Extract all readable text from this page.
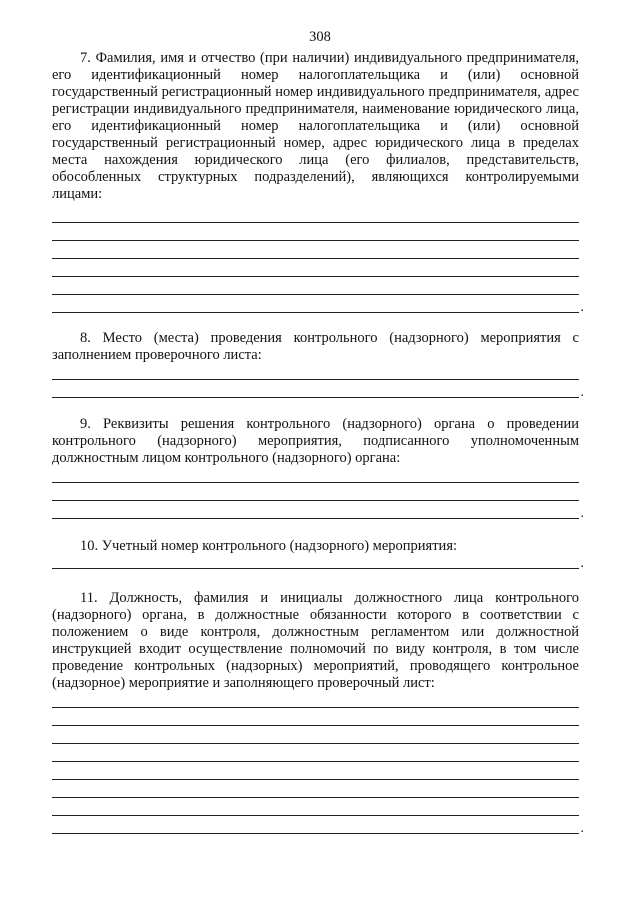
308

7. Фамилия, имя и отчество (при наличии) индивидуального предпринимателя, его идентификационный номер налогоплательщика и (или) основной государственный регистрационный номер индивидуального предпринимателя, адрес регистрации индивидуального предпринимателя, наименование юридического лица, его идентификационный номер налогоплательщика и (или) основной государственный регистрационный номер, адрес юридического лица в пределах места нахождения юридического лица (его филиалов, представительств, обособленных структурных подразделений), являющихся контролируемыми лицами:

.

8. Место (места) проведения контрольного (надзорного) мероприятия с заполнением проверочного листа:

.

9. Реквизиты решения контрольного (надзорного) органа о проведении контрольного (надзорного) мероприятия, подписанного уполномоченным должностным лицом контрольного (надзорного) органа:

.

10. Учетный номер контрольного (надзорного) мероприятия:

.

11. Должность, фамилия и инициалы должностного лица контрольного (надзорного) органа, в должностные обязанности которого в соответствии с положением о виде контроля, должностным регламентом или должностной инструкцией входит осуществление полномочий по виду контроля, в том числе проведение контрольных (надзорных) мероприятий, проводящего контрольное (надзорное) мероприятие и заполняющего проверочный лист:

.
